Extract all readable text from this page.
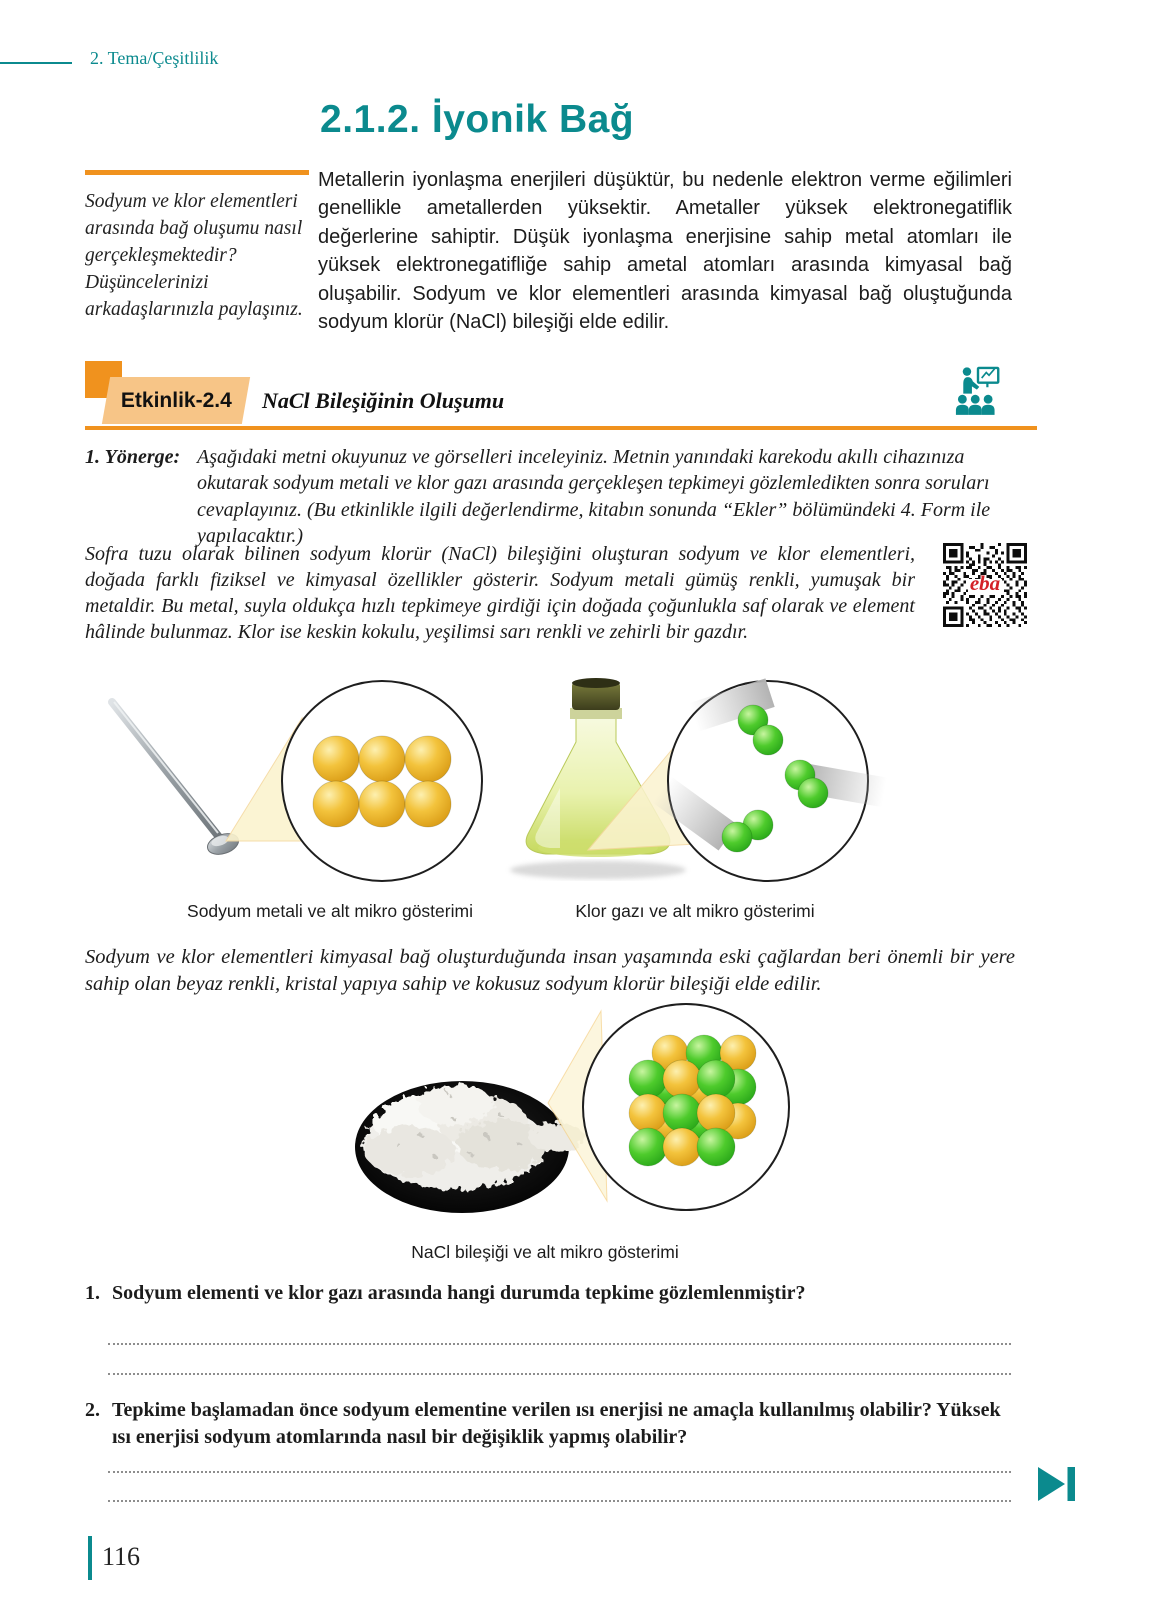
2. Tema/Çeşitlilik
2.1.2. İyonik Bağ
Sodyum ve klor elementleri arasında bağ oluşumu nasıl gerçekleşmektedir? Düşüncelerinizi arkadaşlarınızla paylaşınız.

Metallerin iyonlaşma enerjileri düşüktür, bu nedenle elektron verme eğilimleri genellikle ametallerden yüksektir. Ametaller yüksek elektronegatiflik değerlerine sahiptir. Düşük iyonlaşma enerjisine sahip metal atomları ile yüksek elektronegatifliğe sahip ametal atomları arasında kimyasal bağ oluşabilir. Sodyum ve klor elementleri arasında kimyasal bağ oluştuğunda sodyum klorür (NaCl) bileşiği elde edilir.

Etkinlik-2.4 NaCl Bileşiğinin Oluşumu
1. Yönerge: Aşağıdaki metni okuyunuz ve görselleri inceleyiniz. Metnin yanındaki karekodu akıllı cihazınıza okutarak sodyum metali ve klor gazı arasında gerçekleşen tepkimeyi gözlemledikten sonra soruları cevaplayınız. (Bu etkinlikle ilgili değerlendirme, kitabın sonunda “Ekler” bölümündeki 4. Form ile yapılacaktır.)

Sofra tuzu olarak bilinen sodyum klorür (NaCl) bileşiğini oluşturan sodyum ve klor elementleri, doğada farklı fiziksel ve kimyasal özellikler gösterir. Sodyum metali gümüş renkli, yumuşak bir metaldir. Bu metal, suyla oldukça hızlı tepkimeye girdiği için doğada çoğunlukla saf olarak ve element hâlinde bulunmaz. Klor ise keskin kokulu, yeşilimsi sarı renkli ve zehirli bir gazdır.

eba
Sodyum metali ve alt mikro gösterimi	Klor gazı ve alt mikro gösterimi

Sodyum ve klor elementleri kimyasal bağ oluşturduğunda insan yaşamında eski çağlardan beri önemli bir yere sahip olan beyaz renkli, kristal yapıya sahip ve kokusuz sodyum klorür bileşiği elde edilir.

NaCl bileşiği ve alt mikro gösterimi
1. Sodyum elementi ve klor gazı arasında hangi durumda tepkime gözlemlenmiştir?
2. Tepkime başlamadan önce sodyum elementine verilen ısı enerjisi ne amaçla kullanılmış olabilir? Yüksek ısı enerjisi sodyum atomlarında nasıl bir değişiklik yapmış olabilir?
116
